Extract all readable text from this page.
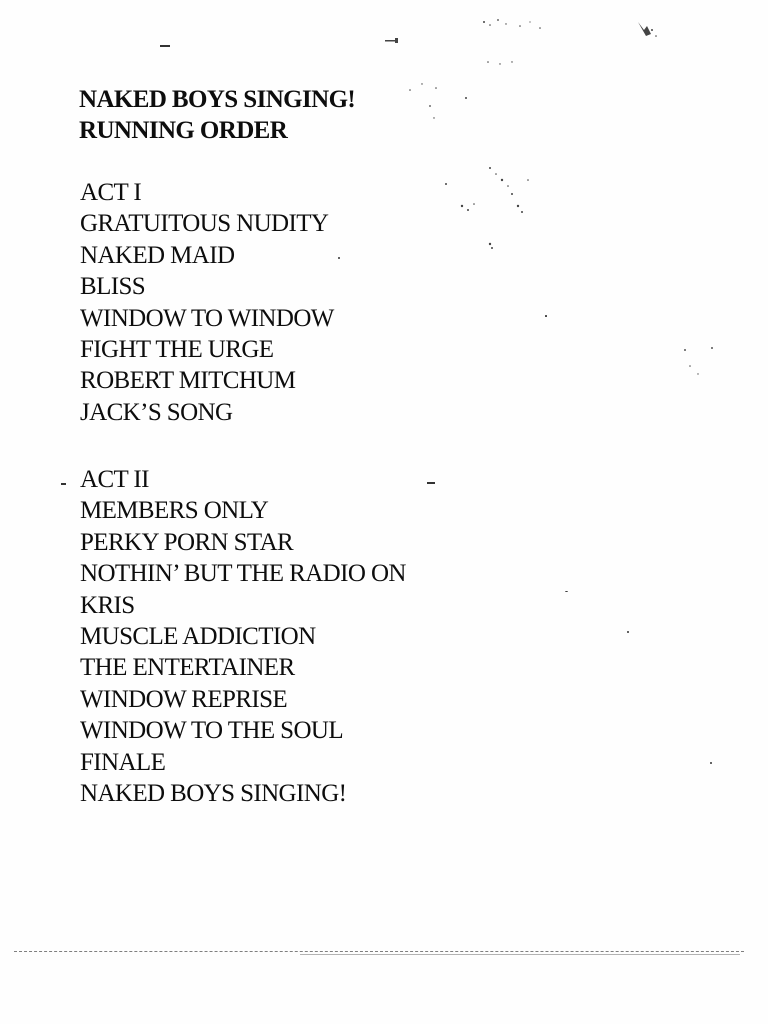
NAKED BOYS SINGING!
RUNNING ORDER
ACT I
GRATUITOUS NUDITY
NAKED MAID
BLISS
WINDOW TO WINDOW
FIGHT THE URGE
ROBERT MITCHUM
JACK’S SONG
ACT II
MEMBERS ONLY
PERKY PORN STAR
NOTHIN’ BUT THE RADIO ON
KRIS
MUSCLE ADDICTION
THE ENTERTAINER
WINDOW REPRISE
WINDOW TO THE SOUL
FINALE
NAKED BOYS SINGING!
